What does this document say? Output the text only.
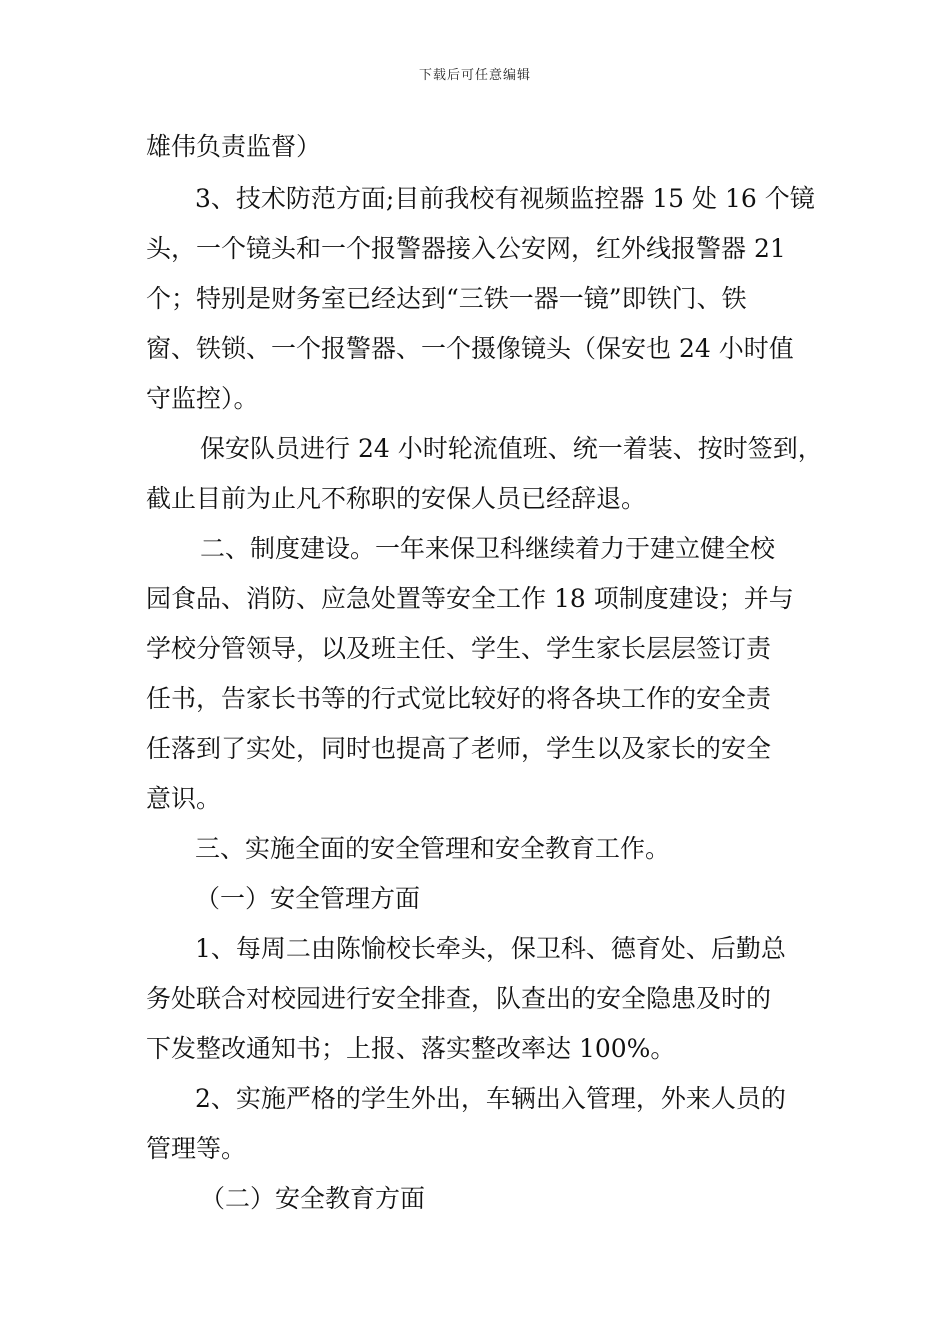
下载后可任意编辑
雄伟负责监督）
3、技术防范方面;目前我校有视频监控器 15 处 16 个镜
头，一个镜头和一个报警器接入公安网，红外线报警器 21
个；特别是财务室已经达到“三铁一器一镜”即铁门、铁
窗、铁锁、一个报警器、一个摄像镜头（保安也 24 小时值
守监控）。
保安队员进行 24 小时轮流值班、统一着装、按时签到，
截止目前为止凡不称职的安保人员已经辞退。
二、制度建设。一年来保卫科继续着力于建立健全校
园食品、消防、应急处置等安全工作 18 项制度建设；并与
学校分管领导，以及班主任、学生、学生家长层层签订责
任书，告家长书等的行式觉比较好的将各块工作的安全责
任落到了实处，同时也提高了老师，学生以及家长的安全
意识。
三、实施全面的安全管理和安全教育工作。
（一）安全管理方面
1、每周二由陈愉校长牵头，保卫科、德育处、后勤总
务处联合对校园进行安全排查，队查出的安全隐患及时的
下发整改通知书；上报、落实整改率达 100%。
2、实施严格的学生外出，车辆出入管理，外来人员的
管理等。
（二）安全教育方面
